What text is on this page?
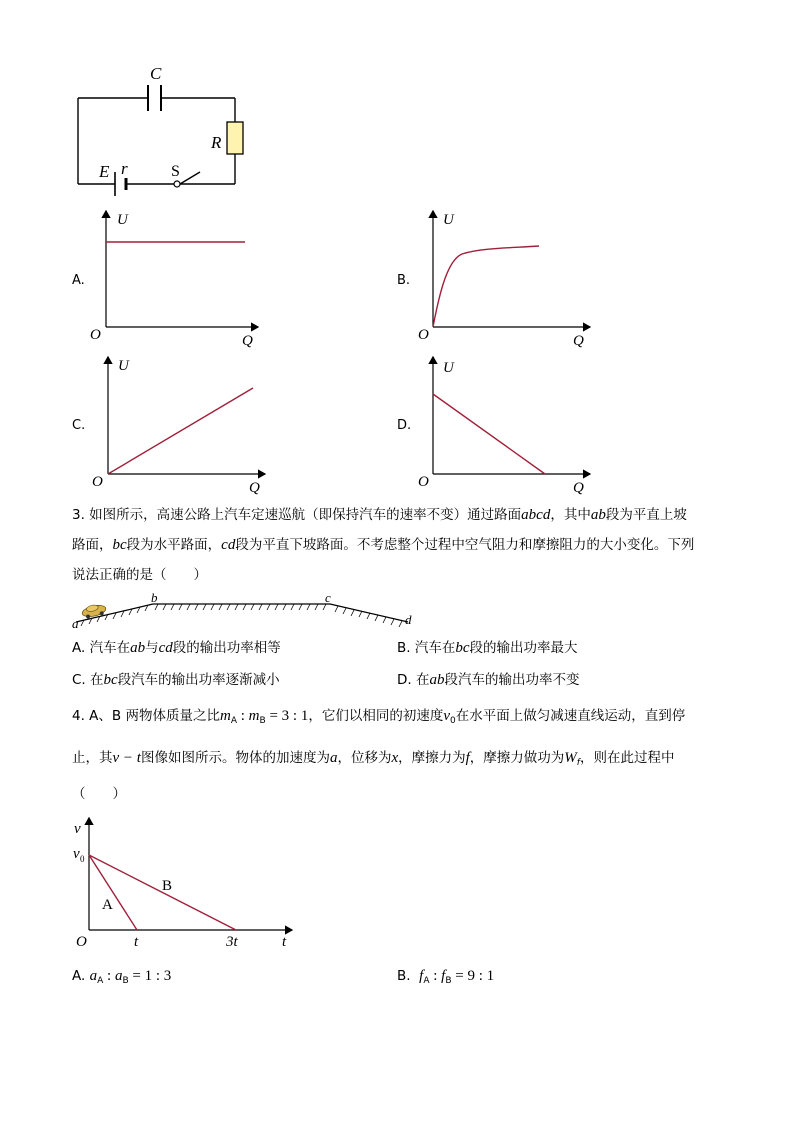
C
R
E r	S
U
Q
O
U
Q
O
U
Q
O
U
Q
O
A.	B.
C.	D.
3. 如图所示，高速公路上汽车定速巡航（即保持汽车的速率不变）通过路面abcd，其中ab段为平直上坡
路面，bc段为水平路面，cd段为平直下坡路面。不考虑整个过程中空气阻力和摩擦阻力的大小变化。下列
说法正确的是（　　）
a
b	c
d
A. 汽车在ab与cd段的输出功率相等	B. 汽车在bc段的输出功率最大
C. 在bc段汽车的输出功率逐渐减小	D. 在ab段汽车的输出功率不变
4. A、B 两物体质量之比$m_A$ : $m_B = 3$ : 1，它们以相同的初速度$v_0$在水平面上做匀减速直线运动，直到停
止，其v − t图像如图所示。物体的加速度为a，位移为x，摩擦力为f，摩擦力做功为$W_f$，则在此过程中
（　　）
v
v 0
A
B
O	t	3t	t
A. $a_A$ : $a_B = 1$ : 3	B. $f_A$ : $f_B = 9$ : 1
